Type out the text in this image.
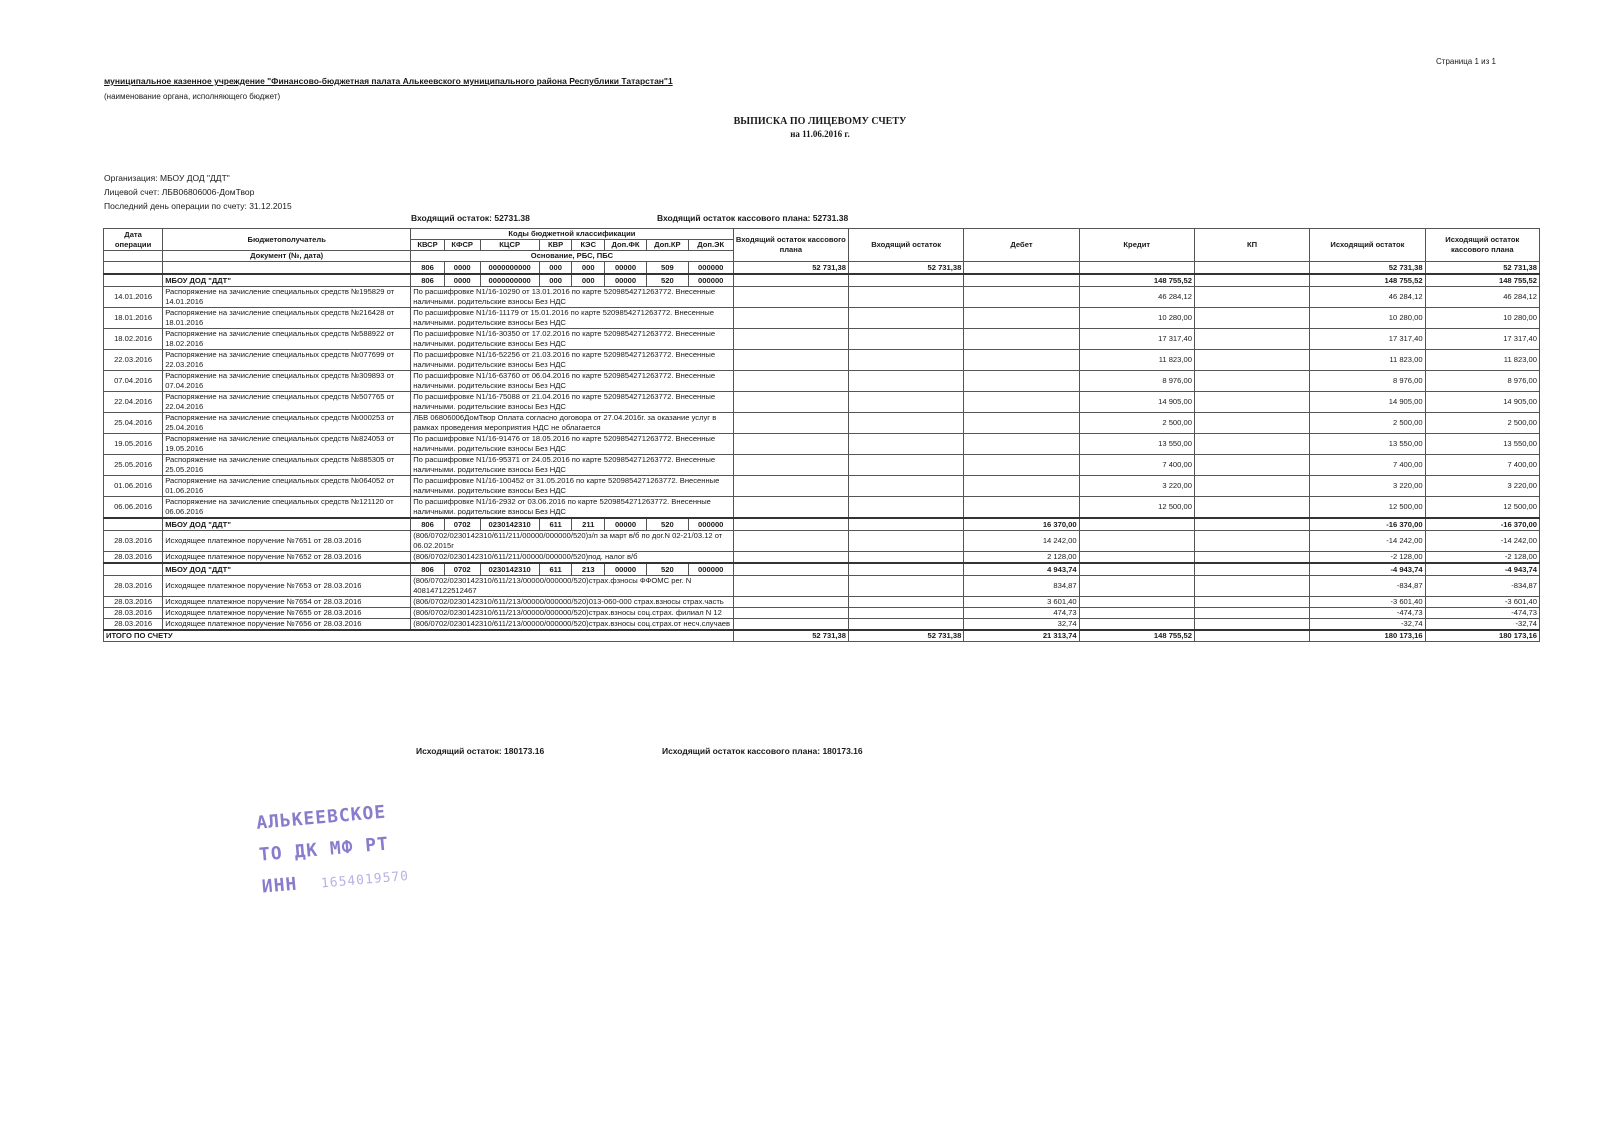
Страница 1 из 1
муниципальное казенное учреждение "Финансово-бюджетная палата Алькеевского муниципального района Республики Татарстан"1
(наименование органа, исполняющего бюджет)
ВЫПИСКА ПО ЛИЦЕВОМУ СЧЕТУ
на 11.06.2016 г.
Организация: МБОУ ДОД "ДДТ"
Лицевой счет: ЛБВ06806006-ДомТвор
Последний день операции по счету: 31.12.2015
Входящий остаток: 52731.38	Входящий остаток кассового плана: 52731.38
Дата операции	Бюджетополучатель	Коды бюджетной классификации								Входящий остаток кассового плана	Входящий остаток	Дебет	Кредит	КП	Исходящий остаток	Исходящий остаток кассового плана
		КВСР	КФСР	КЦСР	КВР	КЭС	Доп.ФК	Доп.КР	Доп.ЭК							
	Документ (№, дата)	Основание, РБС, ПБС														
		806	0000	0000000000	000	000	00000	509	000000	52 731,38	52 731,38				52 731,38	52 731,38
	МБОУ ДОД "ДДТ"	806	0000	0000000000	000	000	00000	520	000000				148 755,52		148 755,52	148 755,52
14.01.2016	Распоряжение на зачисление специальных средств №195829 от 14.01.2016	По расшифровке N1/16-10290 от 13.01.2016 по карте 5209854271263772. Внесенные наличными. родительские взносы Без НДС											46 284,12		46 284,12	46 284,12
18.01.2016	Распоряжение на зачисление специальных средств №216428 от 18.01.2016	По расшифровке N1/16-11179 от 15.01.2016 по карте 5209854271263772. Внесенные наличными. родительские взносы Без НДС											10 280,00		10 280,00	10 280,00
18.02.2016	Распоряжение на зачисление специальных средств №588922 от 18.02.2016	По расшифровке N1/16-30350 от 17.02.2016 по карте 5209854271263772. Внесенные наличными. родительские взносы Без НДС											17 317,40		17 317,40	17 317,40
22.03.2016	Распоряжение на зачисление специальных средств №077699 от 22.03.2016	По расшифровке N1/16-52256 от 21.03.2016 по карте 5209854271263772. Внесенные наличными. родительские взносы Без НДС											11 823,00		11 823,00	11 823,00
07.04.2016	Распоряжение на зачисление специальных средств №309893 от 07.04.2016	По расшифровке N1/16-63760 от 06.04.2016 по карте 5209854271263772. Внесенные наличными. родительские взносы Без НДС											8 976,00		8 976,00	8 976,00
22.04.2016	Распоряжение на зачисление специальных средств №507765 от 22.04.2016	По расшифровке N1/16-75088 от 21.04.2016 по карте 5209854271263772. Внесенные наличными. родительские взносы Без НДС											14 905,00		14 905,00	14 905,00
25.04.2016	Распоряжение на зачисление специальных средств №000253 от 25.04.2016	ЛБВ 06806006ДомТвор Оплата согласно договора от 27.04.2016г. за оказание услуг в рамках проведения мероприятия НДС не облагается											2 500,00		2 500,00	2 500,00
19.05.2016	Распоряжение на зачисление специальных средств №824053 от 19.05.2016	По расшифровке N1/16-91476 от 18.05.2016 по карте 5209854271263772. Внесенные наличными. родительские взносы Без НДС											13 550,00		13 550,00	13 550,00
25.05.2016	Распоряжение на зачисление специальных средств №885305 от 25.05.2016	По расшифровке N1/16-95371 от 24.05.2016 по карте 5209854271263772. Внесенные наличными. родительские взносы Без НДС											7 400,00		7 400,00	7 400,00
01.06.2016	Распоряжение на зачисление специальных средств №064052 от 01.06.2016	По расшифровке N1/16-100452 от 31.05.2016 по карте 5209854271263772. Внесенные наличными. родительские взносы Без НДС											3 220,00		3 220,00	3 220,00
06.06.2016	Распоряжение на зачисление специальных средств №121120 от 06.06.2016	По расшифровке N1/16-2932 от 03.06.2016 по карте 5209854271263772. Внесенные наличными. родительские взносы Без НДС											12 500,00		12 500,00	12 500,00
	МБОУ ДОД "ДДТ"	806	0702	0230142310	611	211	00000	520	000000			16 370,00			-16 370,00	-16 370,00
28.03.2016	Исходящее платежное поручение №7651 от 28.03.2016	(806/0702/0230142310/611/211/00000/000000/520)з/п за март в/б по дог.N 02-21/03.12 от 06.02.2015г										14 242,00			-14 242,00	-14 242,00
28.03.2016	Исходящее платежное поручение №7652 от 28.03.2016	(806/0702/0230142310/611/211/00000/000000/520)под. налог в/б										2 128,00			-2 128,00	-2 128,00
	МБОУ ДОД "ДДТ"	806	0702	0230142310	611	213	00000	520	000000			4 943,74			-4 943,74	-4 943,74
28.03.2016	Исходящее платежное поручение №7653 от 28.03.2016	(806/0702/0230142310/611/213/00000/000000/520)страх.фзносы ФФОМС рег. N 408147122512467										834,87			-834,87	-834,87
28.03.2016	Исходящее платежное поручение №7654 от 28.03.2016	(806/0702/0230142310/611/213/00000/000000/520)013-060-000 страх.взносы страх.часть										3 601,40			-3 601,40	-3 601,40
28.03.2016	Исходящее платежное поручение №7655 от 28.03.2016	(806/0702/0230142310/611/213/00000/000000/520)страх.взносы соц.страх. филиал N 12										474,73			-474,73	-474,73
28.03.2016	Исходящее платежное поручение №7656 от 28.03.2016	(806/0702/0230142310/611/213/00000/000000/520)страх.взносы соц.страх.от несч.случаев										32,74			-32,74	-32,74
ИТОГО ПО СЧЕТУ										52 731,38	52 731,38	21 313,74	148 755,52		180 173,16	180 173,16
Исходящий остаток: 180173.16	Исходящий остаток кассового плана: 180173.16
АЛЬКЕЕВСКОЕ
ТО ДК МФ РТ
ИНН 1654019570
